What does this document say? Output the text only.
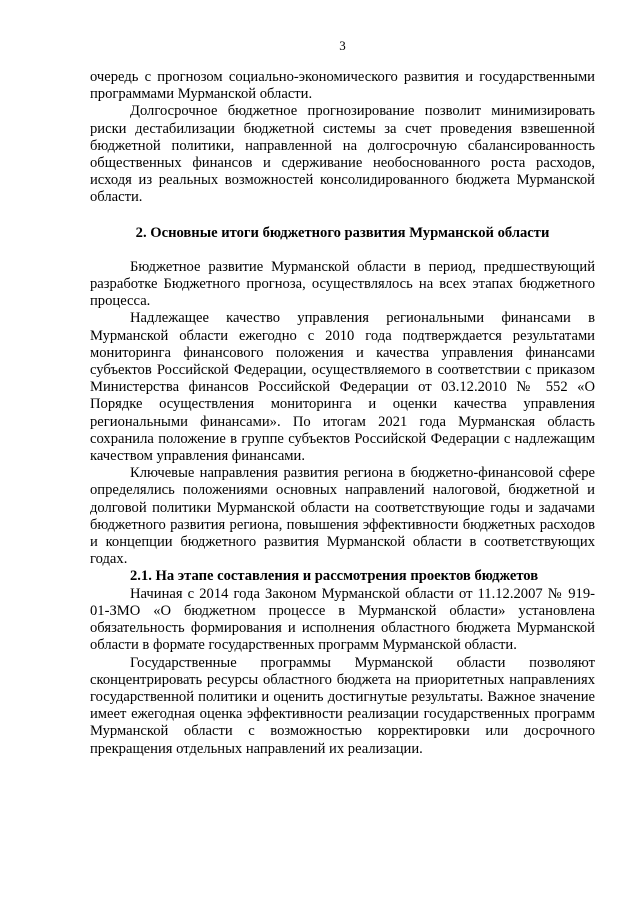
3

очередь с прогнозом социально-экономического развития и государственными программами Мурманской области.

Долгосрочное бюджетное прогнозирование позволит минимизировать риски дестабилизации бюджетной системы за счет проведения взвешенной бюджетной политики, направленной на долгосрочную сбалансированность общественных финансов и сдерживание необоснованного роста расходов, исходя из реальных возможностей консолидированного бюджета Мурманской области.

2. Основные итоги бюджетного развития Мурманской области

Бюджетное развитие Мурманской области в период, предшествующий разработке Бюджетного прогноза, осуществлялось на всех этапах бюджетного процесса.

Надлежащее качество управления региональными финансами в Мурманской области ежегодно с 2010 года подтверждается результатами мониторинга финансового положения и качества управления финансами субъектов Российской Федерации, осуществляемого в соответствии с приказом Министерства финансов Российской Федерации от 03.12.2010 № 552 «О Порядке осуществления мониторинга и оценки качества управления региональными финансами». По итогам 2021 года Мурманская область сохранила положение в группе субъектов Российской Федерации с надлежащим качеством управления финансами.

Ключевые направления развития региона в бюджетно-финансовой сфере определялись положениями основных направлений налоговой, бюджетной и долговой политики Мурманской области на соответствующие годы и задачами бюджетного развития региона, повышения эффективности бюджетных расходов и концепции бюджетного развития Мурманской области в соответствующих годах.

2.1. На этапе составления и рассмотрения проектов бюджетов

Начиная с 2014 года Законом Мурманской области от 11.12.2007 № 919-01-ЗМО «О бюджетном процессе в Мурманской области» установлена обязательность формирования и исполнения областного бюджета Мурманской области в формате государственных программ Мурманской области.

Государственные программы Мурманской области позволяют сконцентрировать ресурсы областного бюджета на приоритетных направлениях государственной политики и оценить достигнутые результаты. Важное значение имеет ежегодная оценка эффективности реализации государственных программ Мурманской области с возможностью корректировки или досрочного прекращения отдельных направлений их реализации.
